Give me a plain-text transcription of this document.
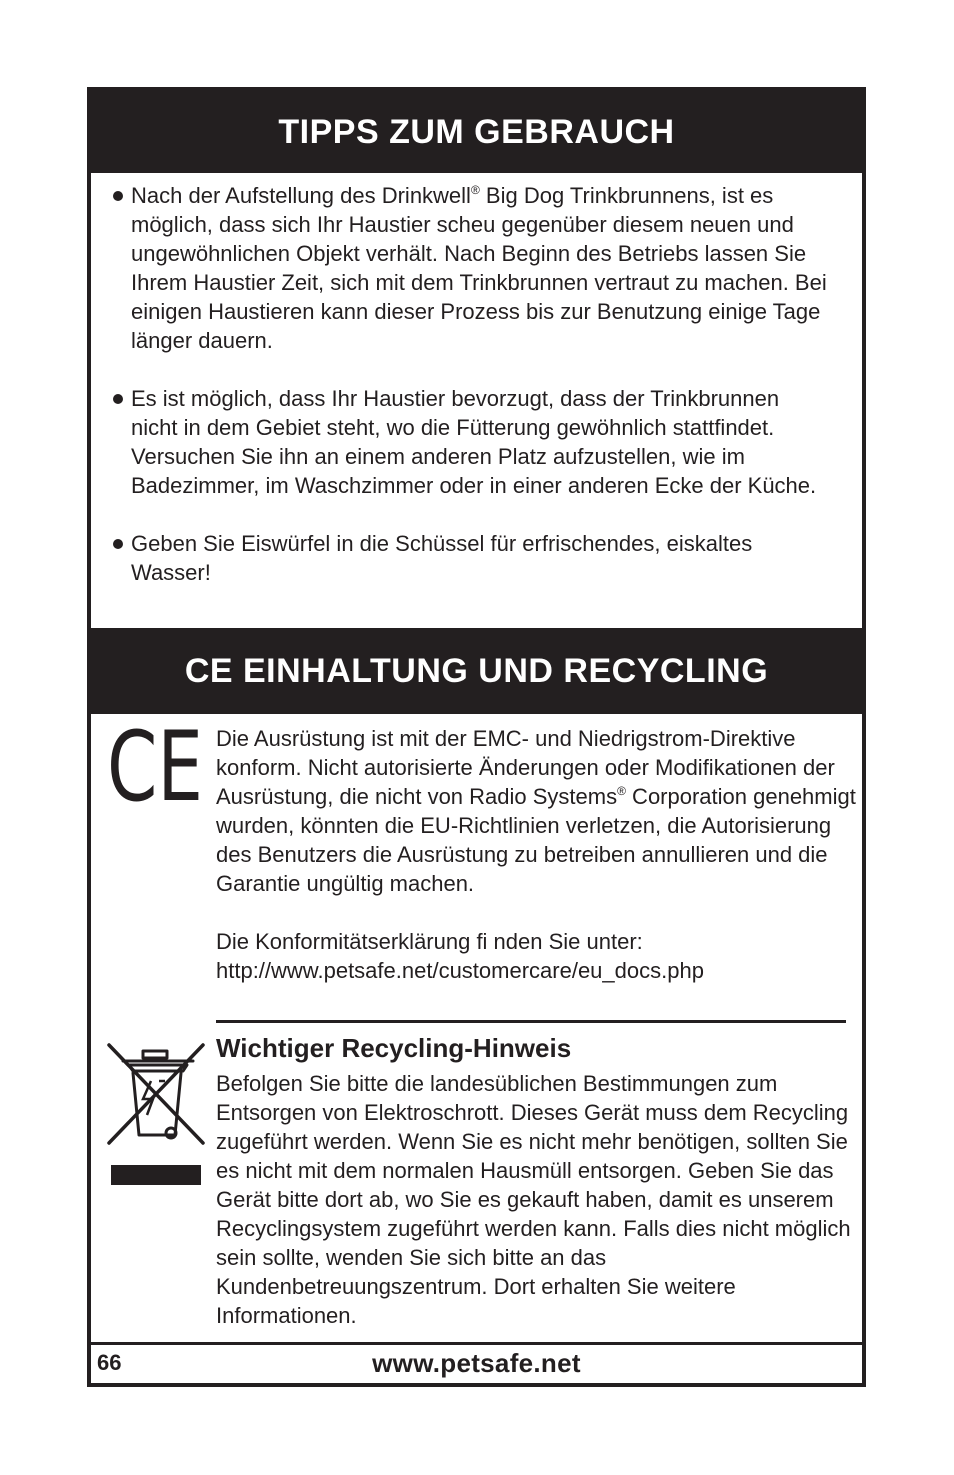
TIPPS ZUM GEBRAUCH

Nach der Aufstellung des Drinkwell® Big Dog Trinkbrunnens, ist es möglich, dass sich Ihr Haustier scheu gegenüber diesem neuen und ungewöhnlichen Objekt verhält. Nach Beginn des Betriebs lassen Sie Ihrem Haustier Zeit, sich mit dem Trinkbrunnen vertraut zu machen. Bei einigen Haustieren kann dieser Prozess bis zur Benutzung einige Tage länger dauern.

Es ist möglich, dass Ihr Haustier bevorzugt, dass der Trinkbrunnen nicht in dem Gebiet steht, wo die Fütterung gewöhnlich stattfindet. Versuchen Sie ihn an einem anderen Platz aufzustellen, wie im Badezimmer, im Waschzimmer oder in einer anderen Ecke der Küche.

Geben Sie Eiswürfel in die Schüssel für erfrischendes, eiskaltes Wasser!

CE EINHALTUNG UND RECYCLING
CE Die Ausrüstung ist mit der EMC- und Niedrigstrom-Direktive konform. Nicht autorisierte Änderungen oder Modifikationen der Ausrüstung, die nicht von Radio Systems® Corporation genehmigt wurden, könnten die EU-Richtlinien verletzen, die Autorisierung des Benutzers die Ausrüstung zu betreiben annullieren und die Garantie ungültig machen.

Die Konformitätserklärung fi nden Sie unter:
http://www.petsafe.net/customercare/eu_docs.php

Wichtiger Recycling-Hinweis

Befolgen Sie bitte die landesüblichen Bestimmungen zum Entsorgen von Elektroschrott. Dieses Gerät muss dem Recycling zugeführt werden. Wenn Sie es nicht mehr benötigen, sollten Sie es nicht mit dem normalen Hausmüll entsorgen. Geben Sie das Gerät bitte dort ab, wo Sie es gekauft haben, damit es unserem Recyclingsystem zugeführt werden kann. Falls dies nicht möglich sein sollte, wenden Sie sich bitte an das Kundenbetreuungszentrum. Dort erhalten Sie weitere Informationen.

66	www.petsafe.net
